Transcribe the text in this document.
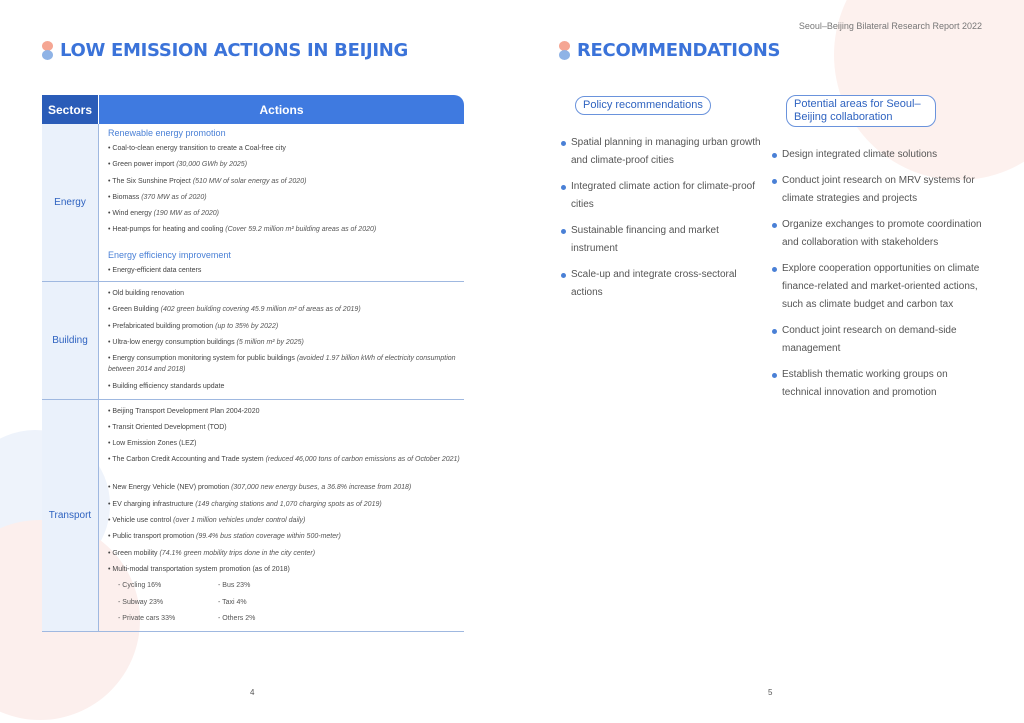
Seoul–Beijing Bilateral Research Report 2022
LOW EMISSION ACTIONS IN BEIJING
Sectors	Actions
Energy
Renewable energy promotion
• Coal-to-clean energy transition to create a Coal-free city
• Green power import (30,000 GWh by 2025)
• The Six Sunshine Project (510 MW of solar energy as of 2020)
• Biomass (370 MW as of 2020)
• Wind energy (190 MW as of 2020)
• Heat-pumps for heating and cooling (Cover 59.2 million m² building areas as of 2020)
Energy efficiency improvement
• Energy-efficient data centers
Building
• Old building renovation
• Green Building (402 green building covering 45.9 million m² of areas as of 2019)
• Prefabricated building promotion (up to 35% by 2022)
• Ultra-low energy consumption buildings (5 million m² by 2025)
• Energy consumption monitoring system for public buildings (avoided 1.97 billion kWh of electricity consumption between 2014 and 2018)
• Building efficiency standards update
Transport
• Beijing Transport Development Plan 2004-2020
• Transit Oriented Development (TOD)
• Low Emission Zones (LEZ)
• The Carbon Credit Accounting and Trade system (reduced 46,000 tons of carbon emissions as of October 2021)
• New Energy Vehicle (NEV) promotion (307,000 new energy buses, a 36.8% increase from 2018)
• EV charging infrastructure (149 charging stations and 1,070 charging spots as of 2019)
• Vehicle use control (over 1 million vehicles under control daily)
• Public transport promotion (99.4% bus station coverage within 500-meter)
• Green mobility (74.1% green mobility trips done in the city center)
• Multi-modal transportation system promotion (as of 2018)
- Cycling 16%	- Bus 23%
- Subway 23%	- Taxi 4%
- Private cars 33%	- Others 2%
4
RECOMMENDATIONS
Policy recommendations	Potential areas for Seoul–Beijing collaboration
Spatial planning in managing urban growth and climate-proof cities
Integrated climate action for climate-proof cities
Sustainable financing and market instrument
Scale-up and integrate cross-sectoral actions
Design integrated climate solutions
Conduct joint research on MRV systems for climate strategies and projects
Organize exchanges to promote coordination and collaboration with stakeholders
Explore cooperation opportunities on climate finance-related and market-oriented actions, such as climate budget and carbon tax
Conduct joint research on demand-side management
Establish thematic working groups on technical innovation and promotion
5
